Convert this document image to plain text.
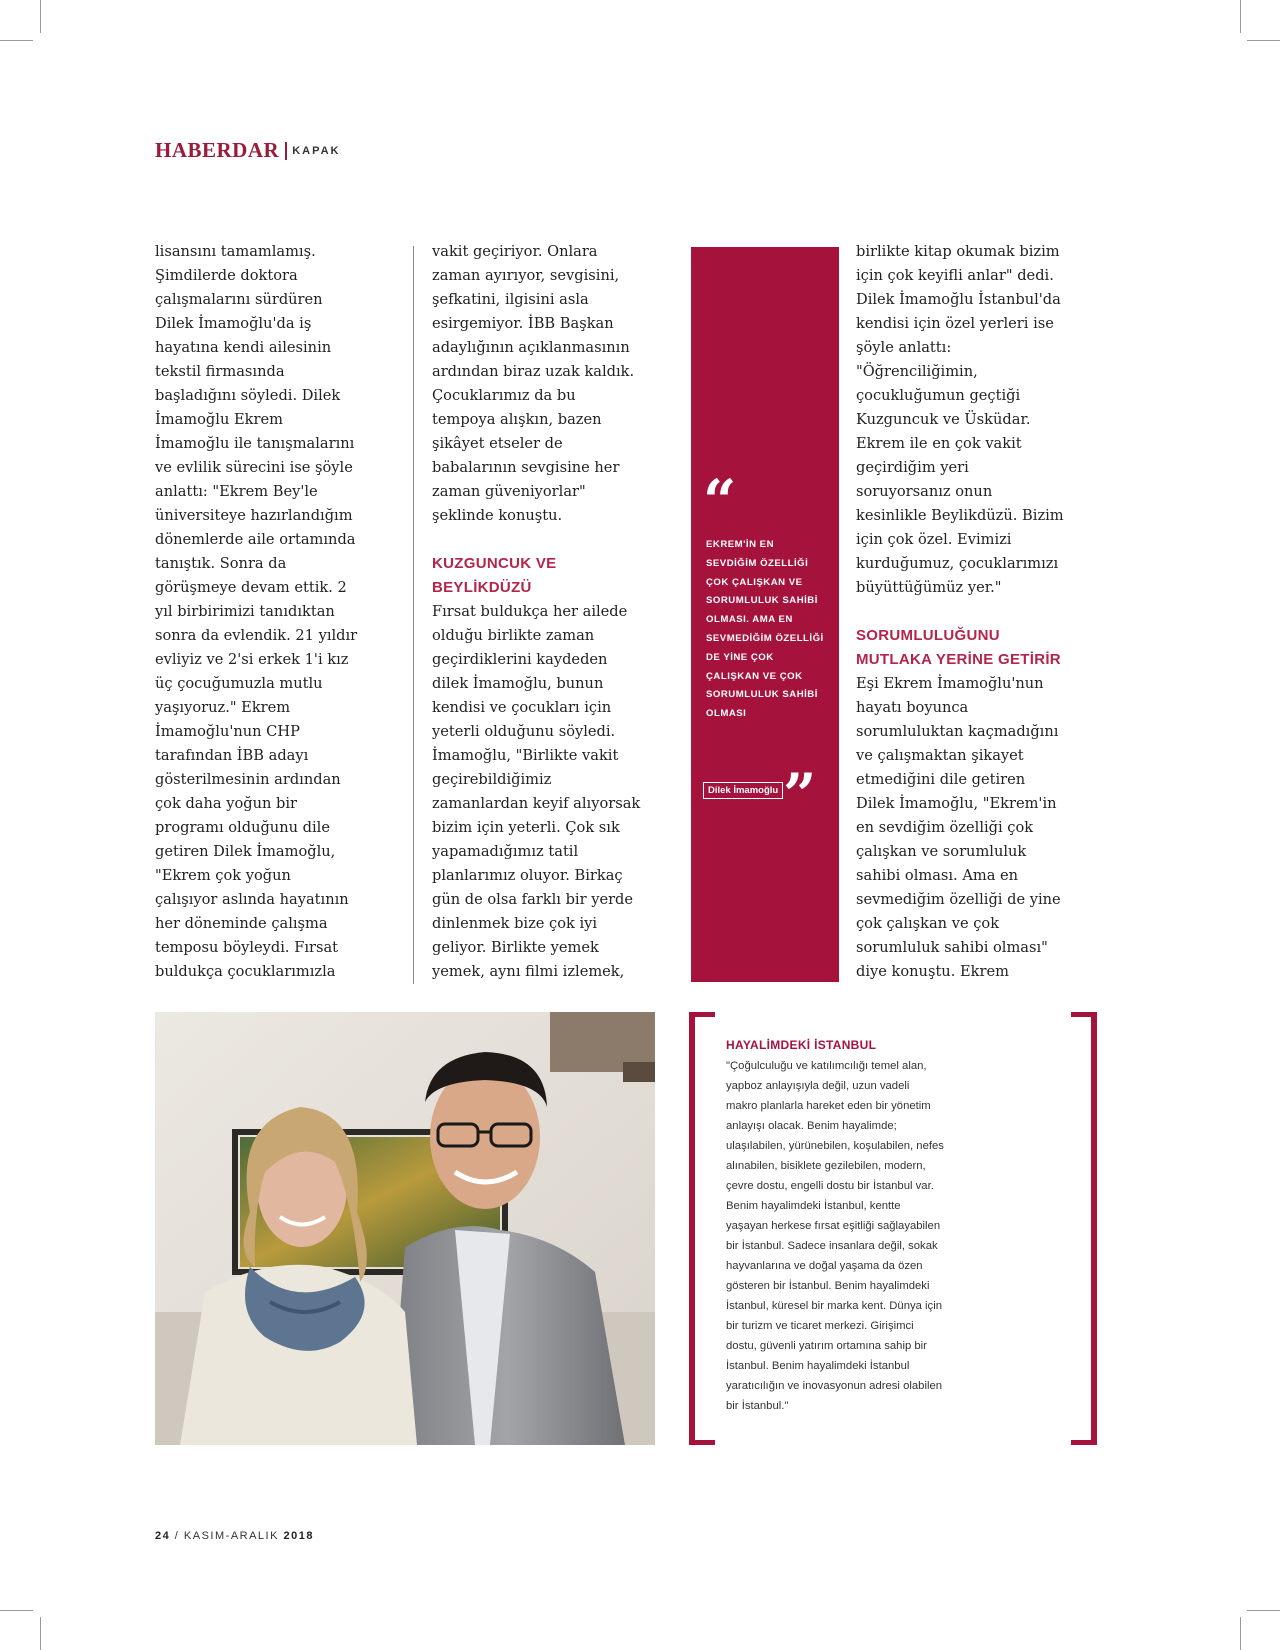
HABERDAR KAPAK

lisansını tamamlamış.
Şimdilerde doktora
çalışmalarını sürdüren
Dilek İmamoğlu'da iş
hayatına kendi ailesinin
tekstil firmasında
başladığını söyledi. Dilek
İmamoğlu Ekrem
İmamoğlu ile tanışmalarını
ve evlilik sürecini ise şöyle
anlattı: "Ekrem Bey'le
üniversiteye hazırlandığım
dönemlerde aile ortamında
tanıştık. Sonra da
görüşmeye devam ettik. 2
yıl birbirimizi tanıdıktan
sonra da evlendik. 21 yıldır
evliyiz ve 2'si erkek 1'i kız
üç çocuğumuzla mutlu
yaşıyoruz." Ekrem
İmamoğlu'nun CHP
tarafından İBB adayı
gösterilmesinin ardından
çok daha yoğun bir
programı olduğunu dile
getiren Dilek İmamoğlu,
"Ekrem çok yoğun
çalışıyor aslında hayatının
her döneminde çalışma
temposu böyleydi. Fırsat
buldukça çocuklarımızla

vakit geçiriyor. Onlara
zaman ayırıyor, sevgisini,
şefkatini, ilgisini asla
esirgemiyor. İBB Başkan
adaylığının açıklanmasının
ardından biraz uzak kaldık.
Çocuklarımız da bu
tempoya alışkın, bazen
şikâyet etseler de
babalarının sevgisine her
zaman güveniyorlar"
şeklinde konuştu.

KUZGUNCUK VE
BEYLİKDÜZÜ

Fırsat buldukça her ailede
olduğu birlikte zaman
geçirdiklerini kaydeden
dilek İmamoğlu, bunun
kendisi ve çocukları için
yeterli olduğunu söyledi.
İmamoğlu, "Birlikte vakit
geçirebildiğimiz
zamanlardan keyif alıyorsak
bizim için yeterli. Çok sık
yapamadığımız tatil
planlarımız oluyor. Birkaç
gün de olsa farklı bir yerde
dinlenmek bize çok iyi
geliyor. Birlikte yemek
yemek, aynı filmi izlemek,

“
EKREM'İN EN SEVDİĞİM ÖZELLİĞİ ÇOK ÇALIŞKAN VE SORUMLULUK SAHİBİ OLMASI. AMA EN SEVMEDİĞİM ÖZELLİĞİ DE YİNE ÇOK ÇALIŞKAN VE ÇOK SORUMLULUK SAHİBİ OLMASI
Dilek İmamoğlu ”

birlikte kitap okumak bizim
için çok keyifli anlar" dedi.
Dilek İmamoğlu İstanbul'da
kendisi için özel yerleri ise
şöyle anlattı:
"Öğrenciliğimin,
çocukluğumun geçtiği
Kuzguncuk ve Üsküdar.
Ekrem ile en çok vakit
geçirdiğim yeri
soruyorsanız onun
kesinlikle Beylikdüzü. Bizim
için çok özel. Evimizi
kurduğumuz, çocuklarımızı
büyüttüğümüz yer."

SORUMLULUĞUNU
MUTLAKA YERİNE GETİRİR

Eşi Ekrem İmamoğlu'nun
hayatı boyunca
sorumluluktan kaçmadığını
ve çalışmaktan şikayet
etmediğini dile getiren
Dilek İmamoğlu, "Ekrem'in
en sevdiğim özelliği çok
çalışkan ve sorumluluk
sahibi olması. Ama en
sevmediğim özelliği de yine
çok çalışkan ve çok
sorumluluk sahibi olması"
diye konuştu. Ekrem

HAYALİMDEKİ İSTANBUL

"Çoğulculuğu ve katılımcılığı temel alan,
yapboz anlayışıyla değil, uzun vadeli
makro planlarla hareket eden bir yönetim
anlayışı olacak. Benim hayalimde;
ulaşılabilen, yürünebilen, koşulabilen, nefes
alınabilen, bisiklete gezilebilen, modern,
çevre dostu, engelli dostu bir İstanbul var.
Benim hayalimdeki İstanbul, kentte
yaşayan herkese fırsat eşitliği sağlayabilen
bir İstanbul. Sadece insanlara değil, sokak
hayvanlarına ve doğal yaşama da özen
gösteren bir İstanbul. Benim hayalimdeki
İstanbul, küresel bir marka kent. Dünya için
bir turizm ve ticaret merkezi. Girişimci
dostu, güvenli yatırım ortamına sahip bir
İstanbul. Benim hayalimdeki İstanbul
yaratıcılığın ve inovasyonun adresi olabilen
bir İstanbul."

24 / KASIM-ARALIK 2018
